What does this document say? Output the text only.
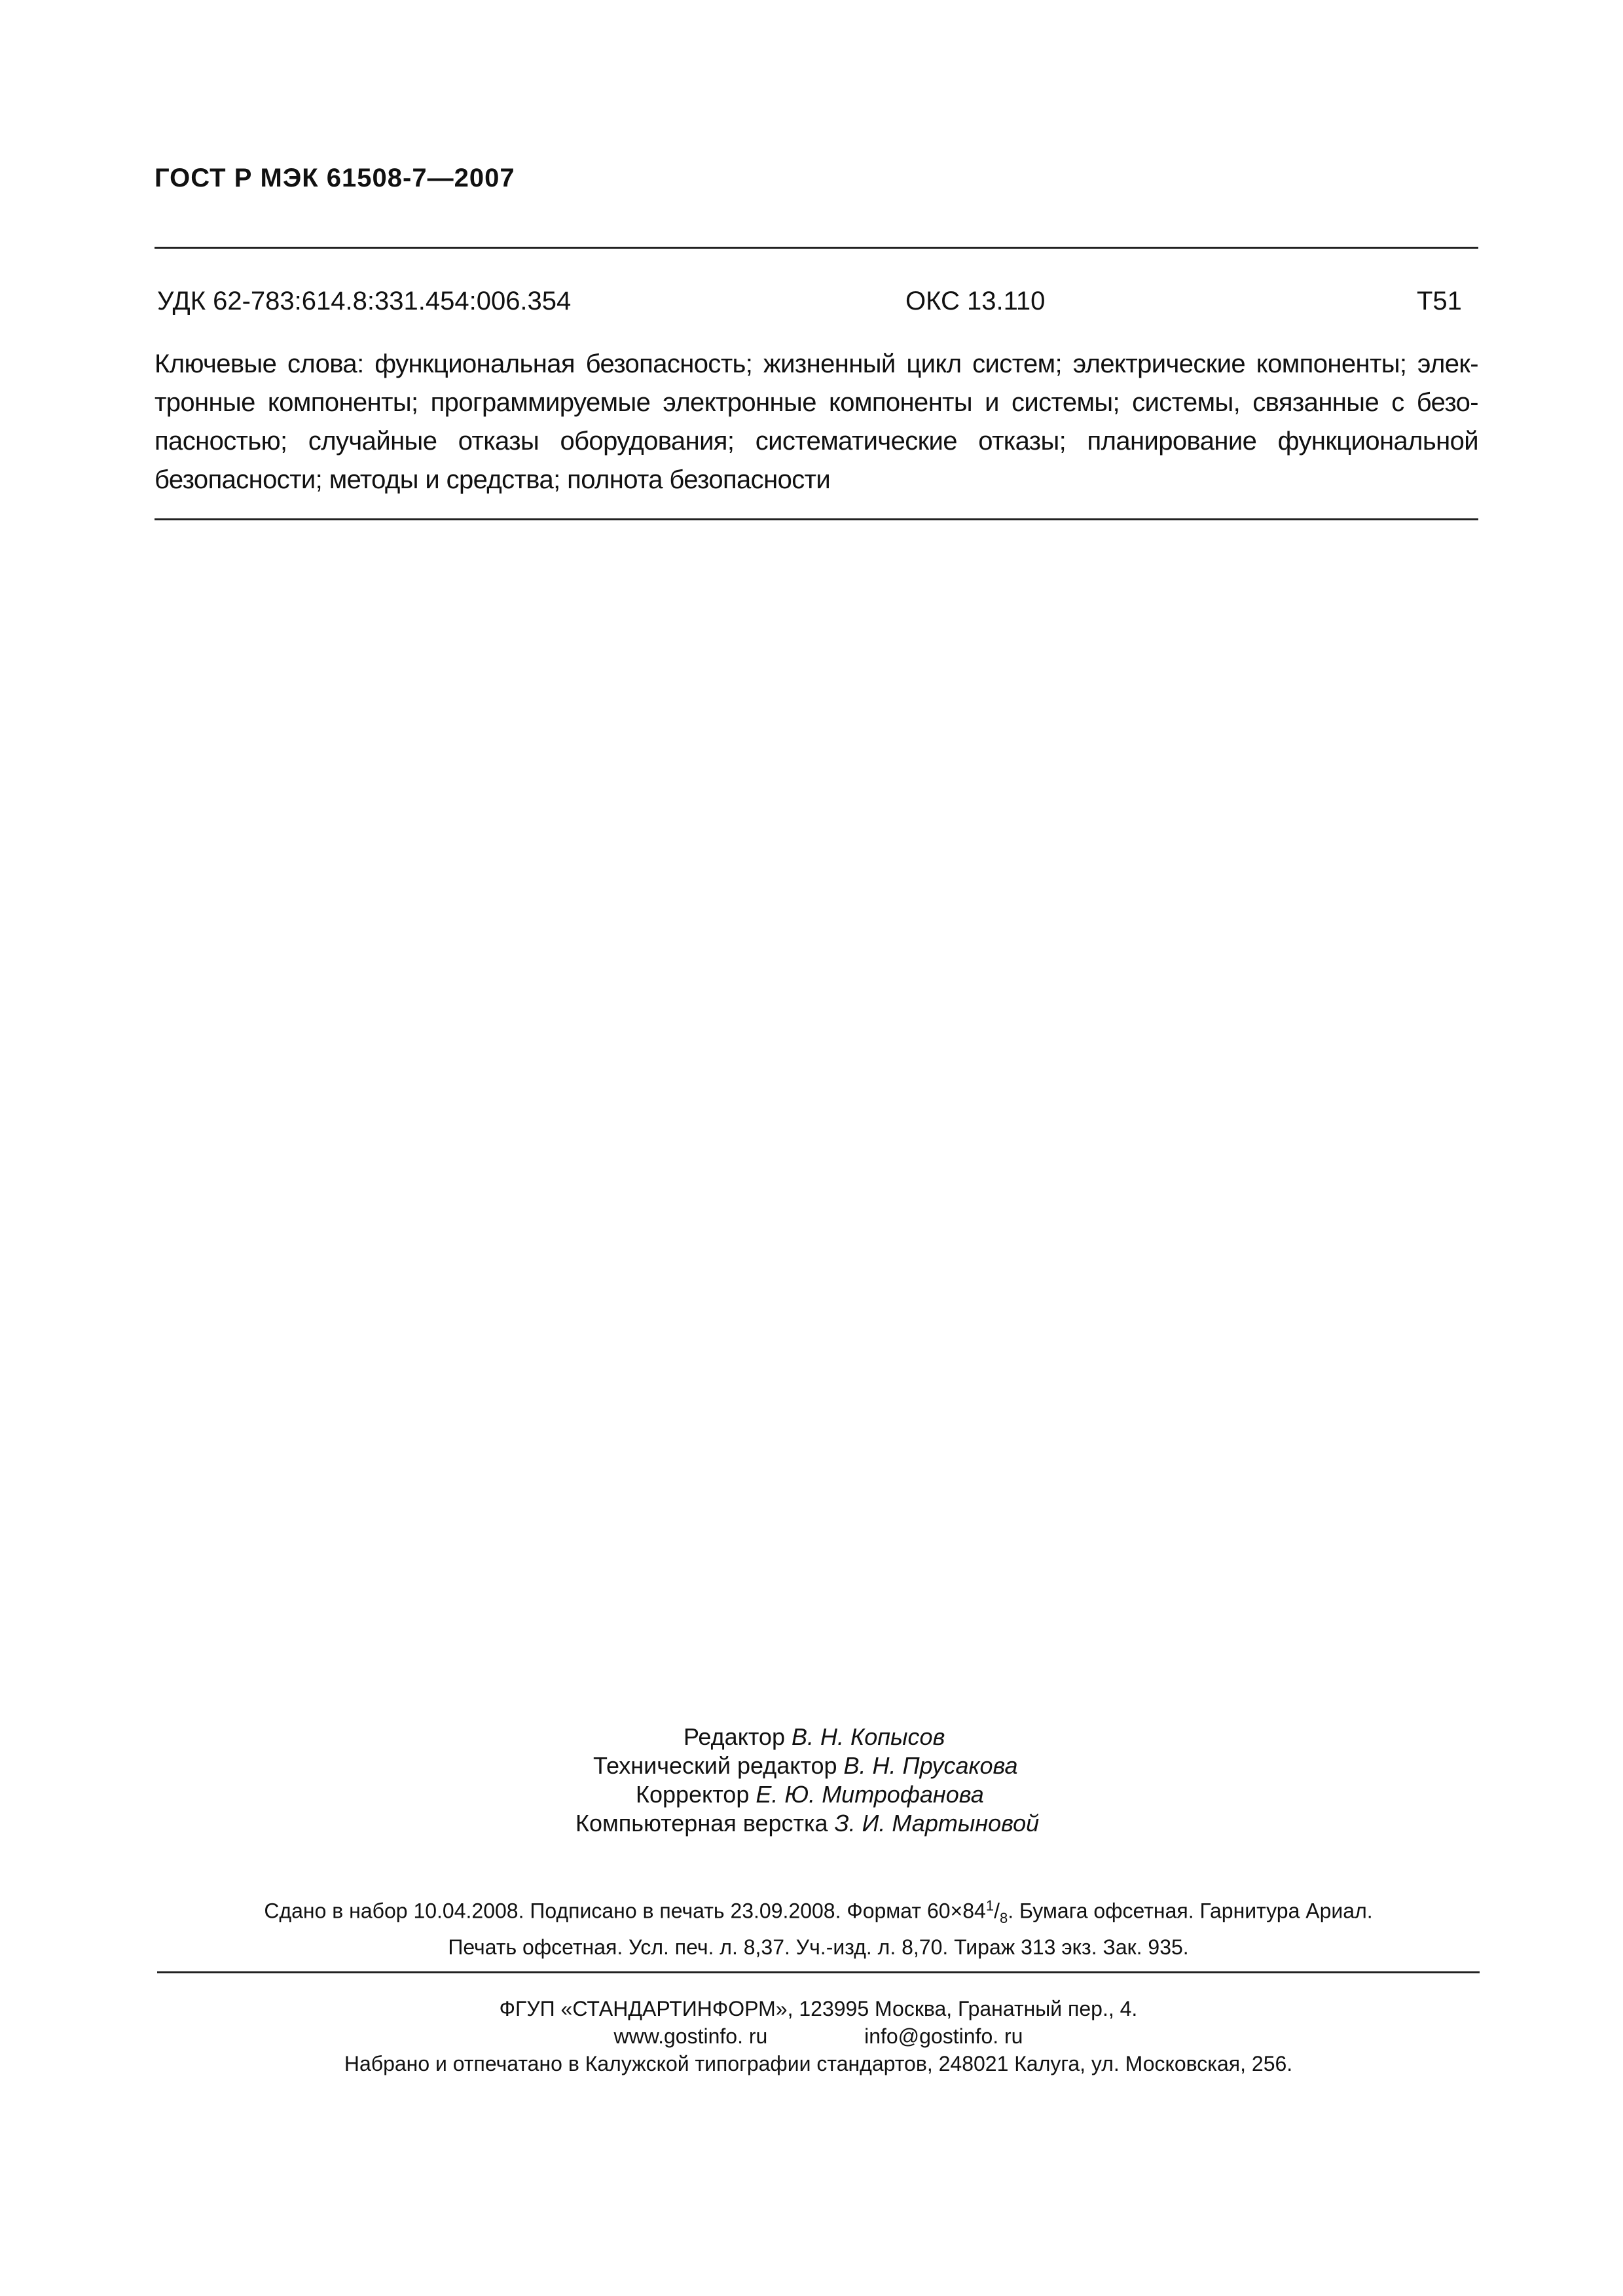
ГОСТ Р МЭК 61508-7—2007
УДК 62-783:614.8:331.454:006.354	ОКС 13.110	Т51
Ключевые слова: функциональная безопасность; жизненный цикл систем; электрические компоненты; элек-
тронные компоненты; программируемые электронные компоненты и системы; системы, связанные с безо-
пасностью; случайные отказы оборудования; систематические отказы; планирование функциональной
безопасности; методы и средства; полнота безопасности
Редактор В. Н. Копысов
Технический редактор В. Н. Прусакова
Корректор Е. Ю. Митрофанова
Компьютерная верстка З. И. Мартыновой
Сдано в набор 10.04.2008. Подписано в печать 23.09.2008. Формат $60\times 84^1/_8$. Бумага офсетная. Гарнитура Ариал.
Печать офсетная. Усл. печ. л. 8,37. Уч.-изд. л. 8,70. Тираж 313 экз. Зак. 935.
ФГУП «СТАНДАРТИНФОРМ», 123995 Москва, Гранатный пер., 4.
www.gostinfo. ru	info@gostinfo. ru
Набрано и отпечатано в Калужской типографии стандартов, 248021 Калуга, ул. Московская, 256.
